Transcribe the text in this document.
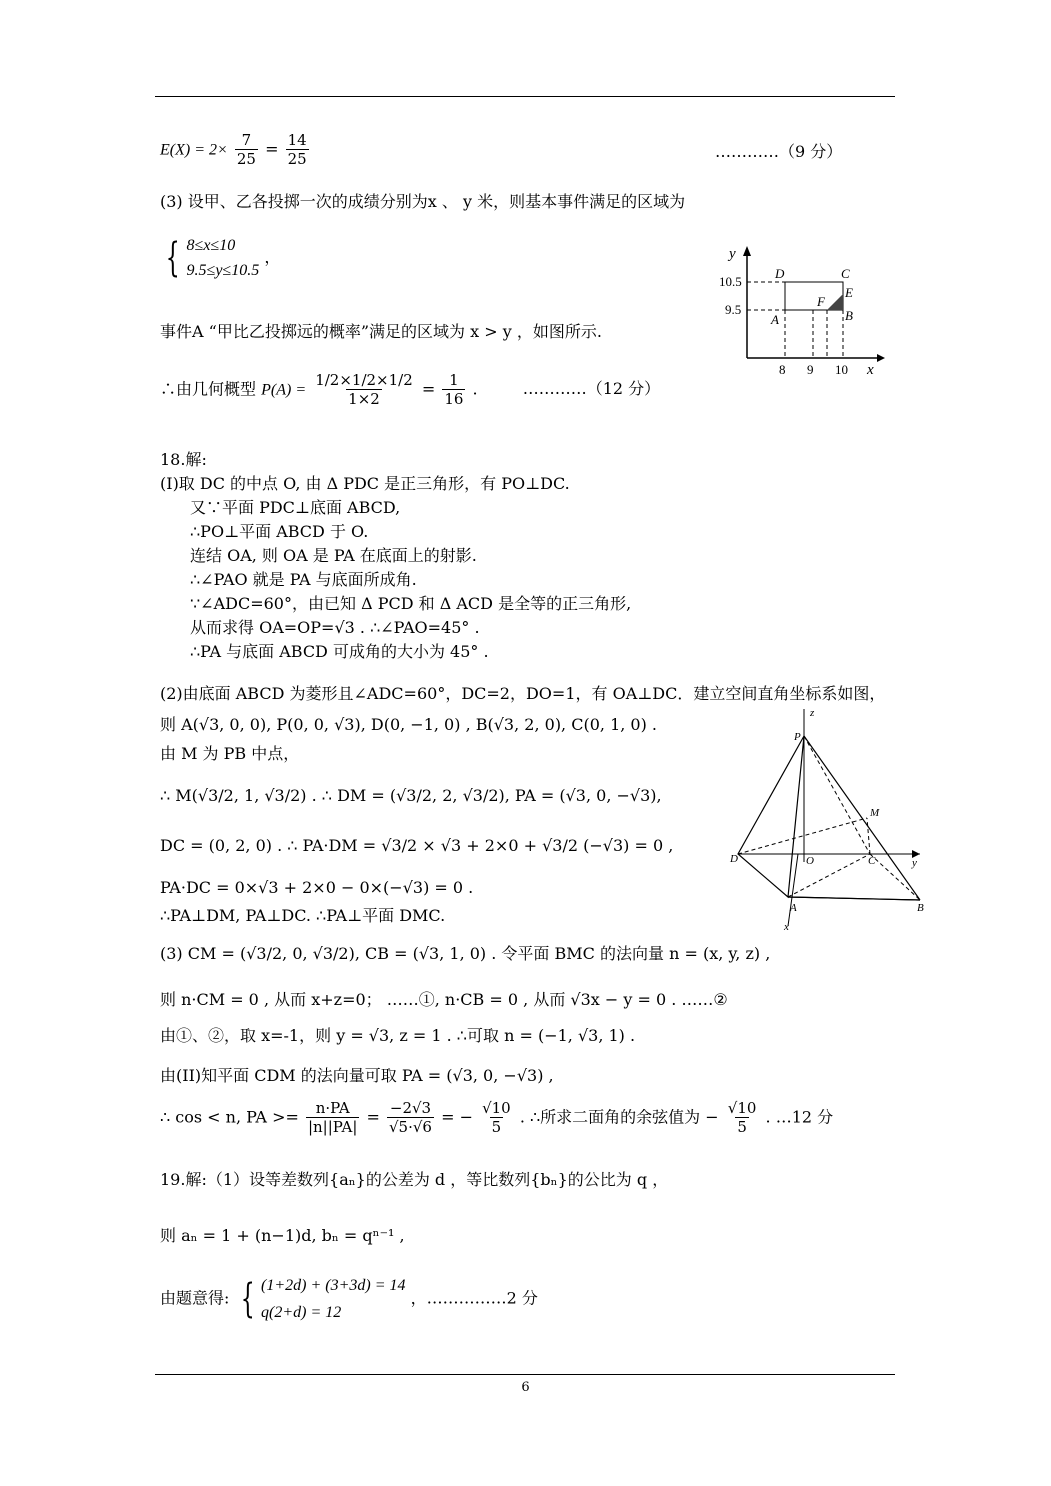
$E(X) = 2\times \frac{7}{25} = \frac{14}{25}$	…………（9 分）
(3) 设甲、乙各投掷一次的成绩分别为x 、 y 米，则基本事件满足的区域为
{ 8≤x≤10
9.5≤y≤10.5
，
事件A “甲比乙投掷远的概率”满足的区域为 x > y ，如图所示.
∴由几何概型 $P(A) = \frac{1/2\times 1/2\times 1/2}{1\times 2} = \frac{1}{16}$ .	…………（12 分）
y
x
10.5
9.5
8 9 10
D	C
E
F
A	B
18.解:
(I)取 DC 的中点 O, 由 Δ PDC 是正三角形，有 PO⊥DC.
又∵平面 PDC⊥底面 ABCD,
∴PO⊥平面 ABCD 于 O.
连结 OA, 则 OA 是 PA 在底面上的射影.
∴∠PAO 就是 PA 与底面所成角.
∵∠ADC=60°，由已知 Δ PCD 和 Δ ACD 是全等的正三角形,
从而求得 OA=OP=√3 . ∴∠PAO=45° .
∴PA 与底面 ABCD 可成角的大小为 45° .
(2)由底面 ABCD 为菱形且∠ADC=60°，DC=2，DO=1，有 OA⊥DC．建立空间直角坐标系如图，
则 A(√3, 0, 0), P(0, 0, √3), D(0, −1, 0) , B(√3, 2, 0), C(0, 1, 0) .
由 M 为 PB 中点，
∴ M(√3/2, 1, √3/2) . ∴ DM = (√3/2, 2, √3/2), PA = (√3, 0, −√3),
DC = (0, 2, 0) . ∴ PA·DM = √3/2 × √3 + 2×0 + √3/2 (−√3) = 0 ,
PA·DC = 0×√3 + 2×0 − 0×(−√3) = 0 .
∴PA⊥DM, PA⊥DC. ∴PA⊥平面 DMC.
(3) CM = (√3/2, 0, √3/2), CB = (√3, 1, 0) . 令平面 BMC 的法向量 n = (x, y, z) ,
则 n·CM = 0 , 从而 x+z=0； ……①, n·CB = 0 , 从而 √3x − y = 0 . ……②
由①、②，取 x=-1，则 y = √3, z = 1 . ∴可取 n = (−1, √3, 1) .
由(II)知平面 CDM 的法向量可取 PA = (√3, 0, −√3) ,
∴ cos < n, PA >= $\frac{n\cdot PA}{|n||PA|} = \frac{-2√3}{√5\cdot√6}$ = − $\frac{√10}{5}$ . ∴所求二面角的余弦值为 − $\frac{√10}{5}$ . …12 分
z
P
M
D	O	C	y
A	B
x
19.解:（1）设等差数列{aₙ}的公差为 d ，等比数列{bₙ}的公比为 q ，
则 aₙ = 1 + (n−1)d, bₙ = qⁿ⁻¹ ,
由题意得: { (1+2d) + (3+3d) = 14
q(2+d) = 12
，……………2 分
6
